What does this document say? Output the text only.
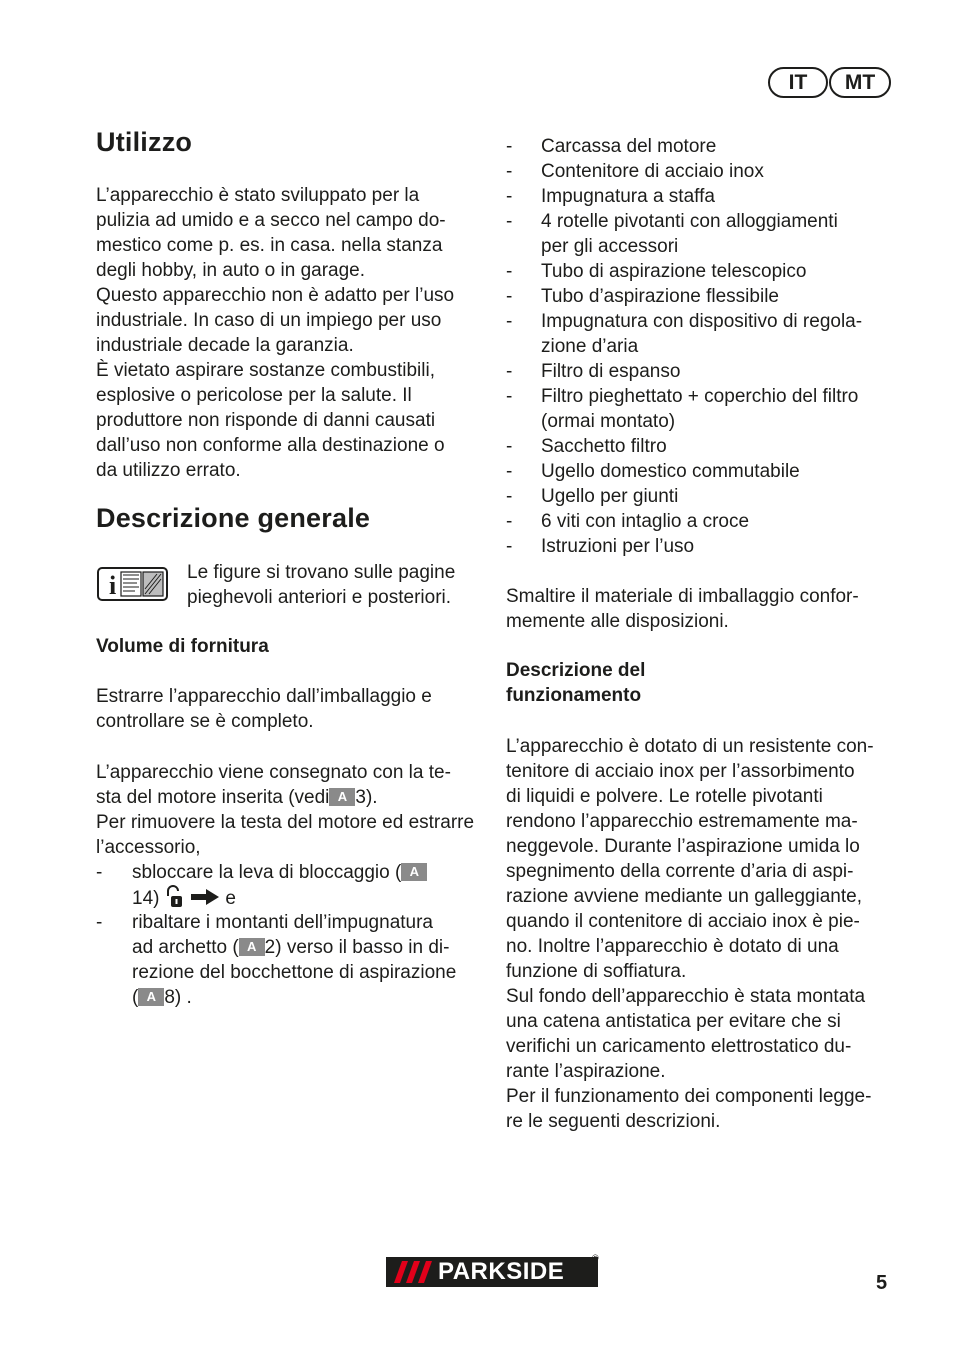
IT	MT
Utilizzo
L’apparecchio è stato sviluppato per la
pulizia ad umido e a secco nel campo do-
mestico come p. es. in casa. nella stanza
degli hobby, in auto o in garage.
Questo apparecchio non è adatto per l’uso
industriale. In caso di un impiego per uso
industriale decade la garanzia.
È vietato aspirare sostanze combustibili,
esplosive o pericolose per la salute. Il
produttore non risponde di danni causati
dall’uso non conforme alla destinazione o
da utilizzo errato.
Descrizione generale
i	Le figure si trovano sulle pagine
pieghevoli anteriori e posteriori.
Volume di fornitura
Estrarre l’apparecchio dall’imballaggio e
controllare se è completo.
L’apparecchio viene consegnato con la te-
sta del motore inserita (vedi A 3).
Per rimuovere la testa del motore ed estrarre
l’accessorio,
- sbloccare la leva di bloccaggio ( A
14)	e
- ribaltare i montanti dell’impugnatura
ad archetto ( A 2) verso il basso in di-
rezione del bocchettone di aspirazione
( A 8) .
- Carcassa del motore
- Contenitore di acciaio inox
- Impugnatura a staffa
- 4 rotelle pivotanti con alloggiamenti
per gli accessori
- Tubo di aspirazione telescopico
- Tubo d’aspirazione flessibile
- Impugnatura con dispositivo di regola-
zione d’aria
- Filtro di espanso
- Filtro pieghettato + coperchio del filtro
(ormai montato)
- Sacchetto filtro
- Ugello domestico commutabile
- Ugello per giunti
- 6 viti con intaglio a croce
- Istruzioni per l’uso
Smaltire il materiale di imballaggio confor-
memente alle disposizioni.
Descrizione del
funzionamento
L’apparecchio è dotato di un resistente con-
tenitore di acciaio inox per l’assorbimento
di liquidi e polvere. Le rotelle pivotanti
rendono l’apparecchio estremamente ma-
neggevole. Durante l’aspirazione umida lo
spegnimento della corrente d’aria di aspi-
razione avviene mediante un galleggiante,
quando il contenitore di acciaio inox è pie-
no. Inoltre l’apparecchio è dotato di una
funzione di soffiatura.
Sul fondo dell’apparecchio è stata montata
una catena antistatica per evitare che si
verifichi un caricamento elettrostatico du-
rante l’aspirazione.
Per il funzionamento dei componenti legge-
re le seguenti descrizioni.
PARKSIDE	®
5
